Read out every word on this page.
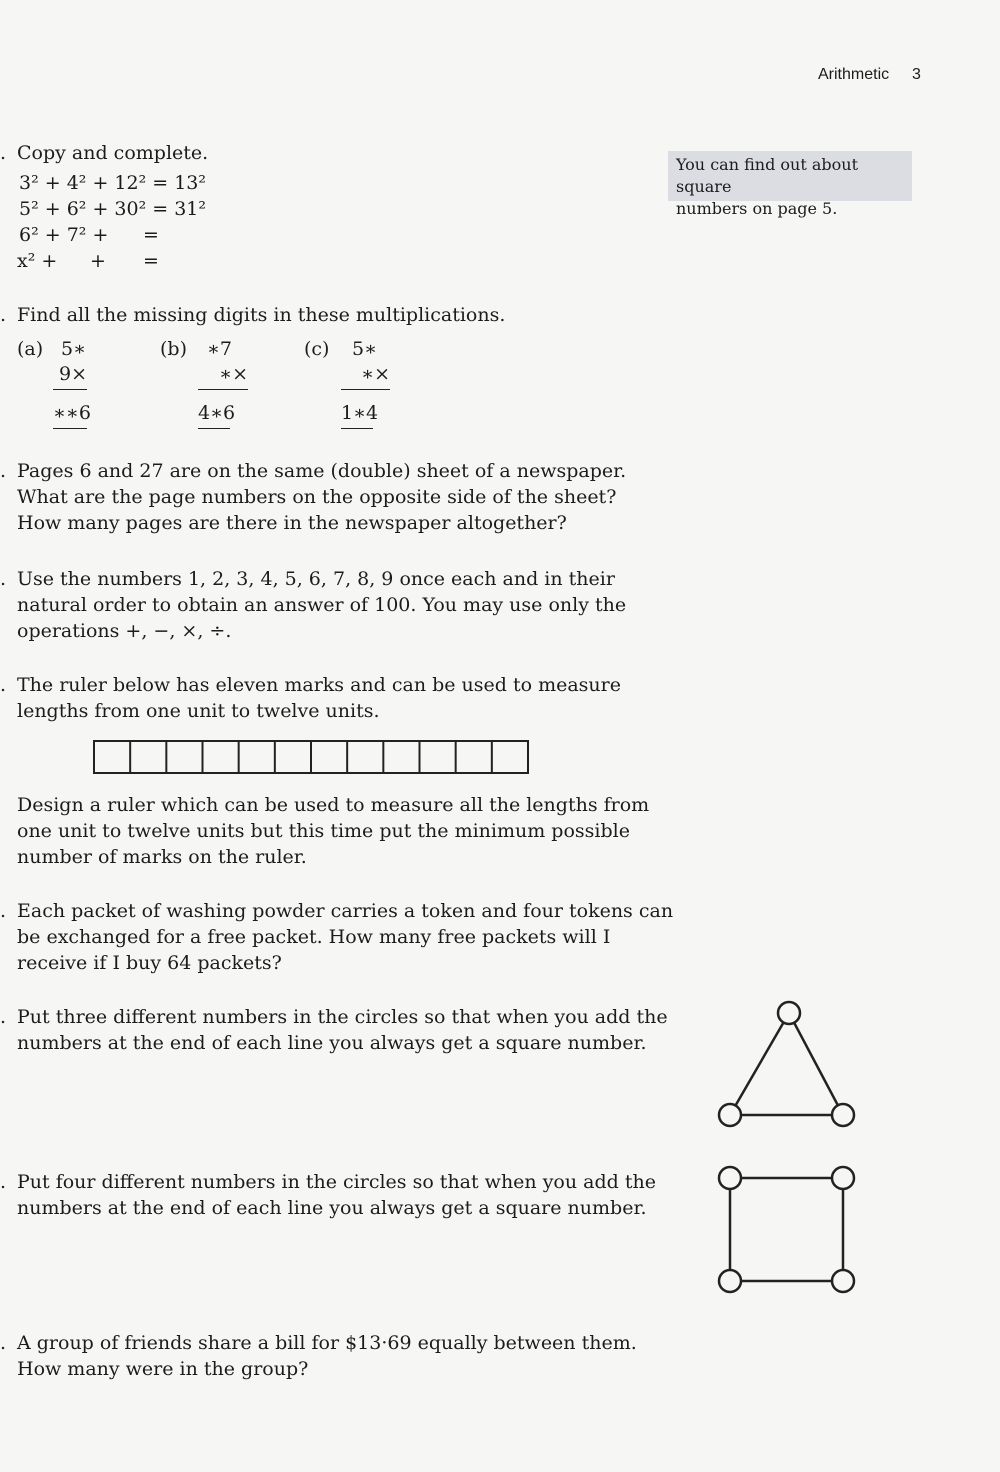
Arithmetic 3
You can find out about square
numbers on page 5.
. Copy and complete.
3² + 4² + 12² = 13²
5² + 6² + 30² = 31²
6² + 7² + =
x² + + =
. Find all the missing digits in these multiplications.
(a) 5∗
9×
∗∗6
(b) ∗7
∗×
4∗6
(c) 5∗
∗×
1∗4
. Pages 6 and 27 are on the same (double) sheet of a newspaper.
What are the page numbers on the opposite side of the sheet?
How many pages are there in the newspaper altogether?
. Use the numbers 1, 2, 3, 4, 5, 6, 7, 8, 9 once each and in their
natural order to obtain an answer of 100. You may use only the
operations +, −, ×, ÷.
. The ruler below has eleven marks and can be used to measure
lengths from one unit to twelve units.
Design a ruler which can be used to measure all the lengths from
one unit to twelve units but this time put the minimum possible
number of marks on the ruler.
. Each packet of washing powder carries a token and four tokens can
be exchanged for a free packet. How many free packets will I
receive if I buy 64 packets?
. Put three different numbers in the circles so that when you add the
numbers at the end of each line you always get a square number.
. Put four different numbers in the circles so that when you add the
numbers at the end of each line you always get a square number.
. A group of friends share a bill for $13·69 equally between them.
How many were in the group?
